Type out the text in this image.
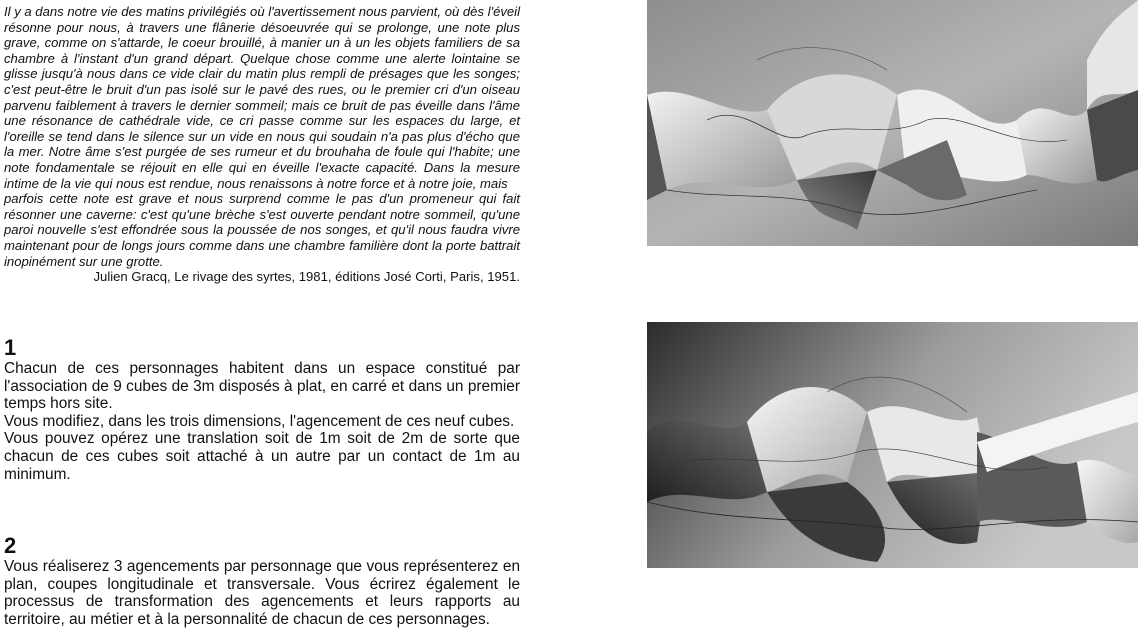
Il y a dans notre vie des matins privilégiés où l'avertissement nous parvient, où dès l'éveil résonne pour nous, à travers une flânerie désoeuvrée qui se prolonge, une note plus grave, comme on s'attarde, le coeur brouillé, à manier un à un les objets familiers de sa chambre à l'instant d'un grand départ. Quelque chose comme une alerte lointaine se glisse jusqu'à nous dans ce vide clair du matin plus rempli de présages que les songes; c'est peut-être le bruit d'un pas isolé sur le pavé des rues, ou le premier cri d'un oiseau parvenu faiblement à travers le dernier sommeil; mais ce bruit de pas éveille dans l'âme une résonance de cathédrale vide, ce cri passe comme sur les espaces du large, et l'oreille se tend dans le silence sur un vide en nous qui soudain n'a pas plus d'écho que la mer. Notre âme s'est purgée de ses rumeur et du brouhaha de foule qui l'habite; une note fondamentale se réjouit en elle qui en éveille l'exacte capacité. Dans la mesure intime de la vie qui nous est rendue, nous renaissons à notre force et à notre joie, mais

parfois cette note est grave et nous surprend comme le pas d'un promeneur qui fait résonner une caverne: c'est qu'une brèche s'est ouverte pendant notre sommeil, qu'une paroi nouvelle s'est effondrée sous la poussée de nos songes, et qu'il nous faudra vivre maintenant pour de longs jours comme dans une chambre familière dont la porte battrait inopinément sur une grotte.

Julien Gracq, Le rivage des syrtes, 1981, éditions José Corti, Paris, 1951.

1

Chacun de ces personnages habitent dans un espace constitué par l'association de 9 cubes de 3m disposés à plat, en carré et dans un premier temps hors site.

Vous modifiez, dans les trois dimensions, l'agencement de ces neuf cubes.

Vous pouvez opérez une translation soit de 1m soit de 2m de sorte que chacun de ces cubes soit attaché à un autre par un contact de 1m au minimum.

2

Vous réaliserez 3 agencements par personnage que vous représenterez en plan, coupes longitudinale et transversale. Vous écrirez également le processus de transformation des agencements et leurs rapports au territoire, au métier et à la personnalité de chacun de ces personnages.
